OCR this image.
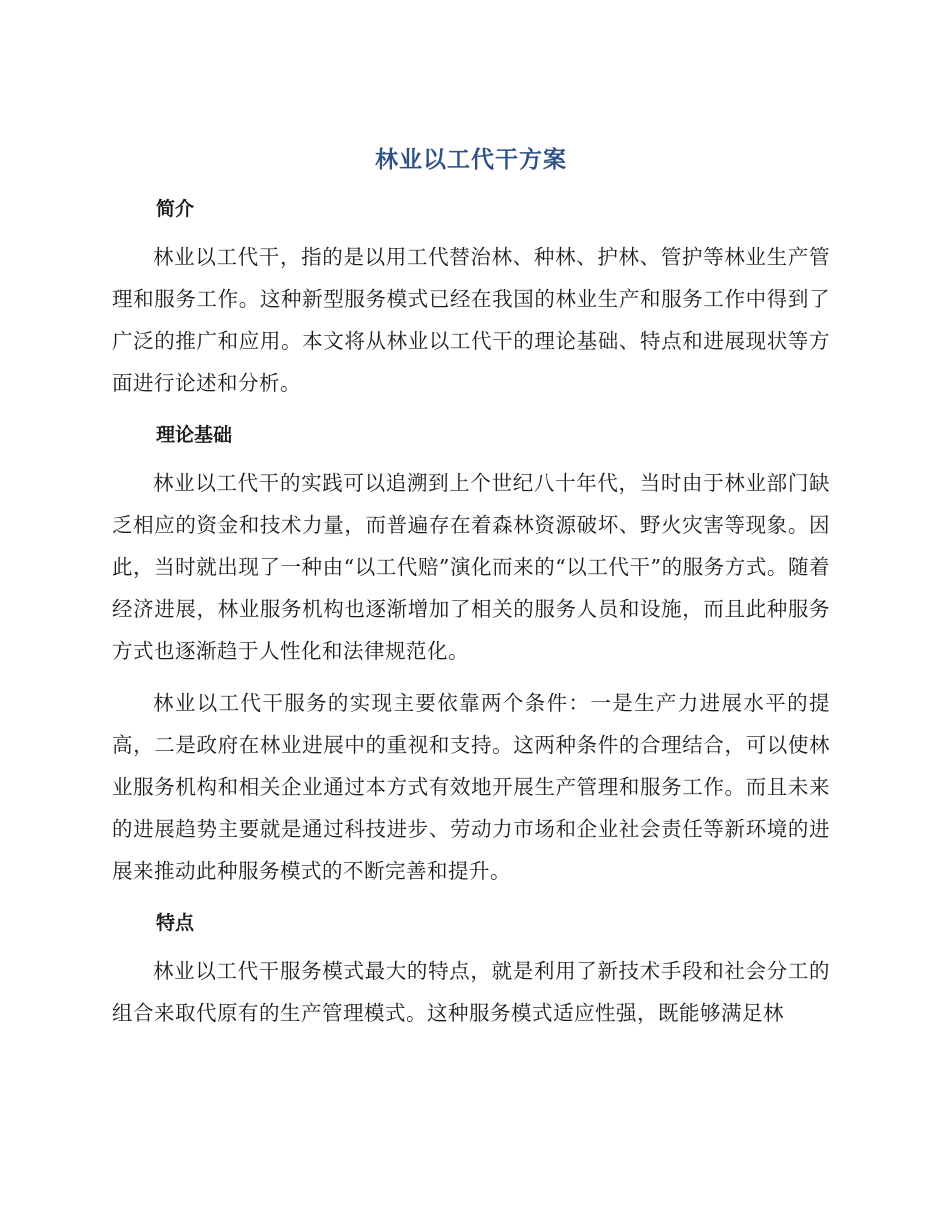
林业以工代干方案
简介

林业以工代干，指的是以用工代替治林、种林、护林、管护等林业生产管理和服务工作。这种新型服务模式已经在我国的林业生产和服务工作中得到了广泛的推广和应用。本文将从林业以工代干的理论基础、特点和进展现状等方面进行论述和分析。

理论基础

林业以工代干的实践可以追溯到上个世纪八十年代，当时由于林业部门缺乏相应的资金和技术力量，而普遍存在着森林资源破坏、野火灾害等现象。因此，当时就出现了一种由“以工代赔”演化而来的“以工代干”的服务方式。随着经济进展，林业服务机构也逐渐增加了相关的服务人员和设施，而且此种服务方式也逐渐趋于人性化和法律规范化。

林业以工代干服务的实现主要依靠两个条件：一是生产力进展水平的提高，二是政府在林业进展中的重视和支持。这两种条件的合理结合，可以使林业服务机构和相关企业通过本方式有效地开展生产管理和服务工作。而且未来的进展趋势主要就是通过科技进步、劳动力市场和企业社会责任等新环境的进展来推动此种服务模式的不断完善和提升。

特点

林业以工代干服务模式最大的特点，就是利用了新技术手段和社会分工的组合来取代原有的生产管理模式。这种服务模式适应性强，既能够满足林
